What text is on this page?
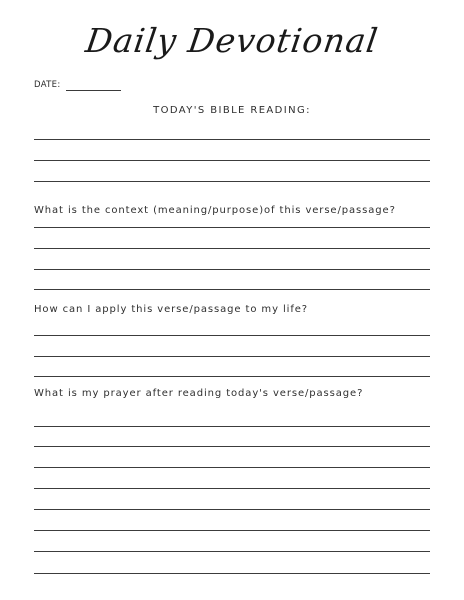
Daily Devotional
DATE:
TODAY'S BIBLE READING:
What is the context (meaning/purpose)of this verse/passage?
How can I apply this verse/passage to my life?
What is my prayer after reading today's verse/passage?
